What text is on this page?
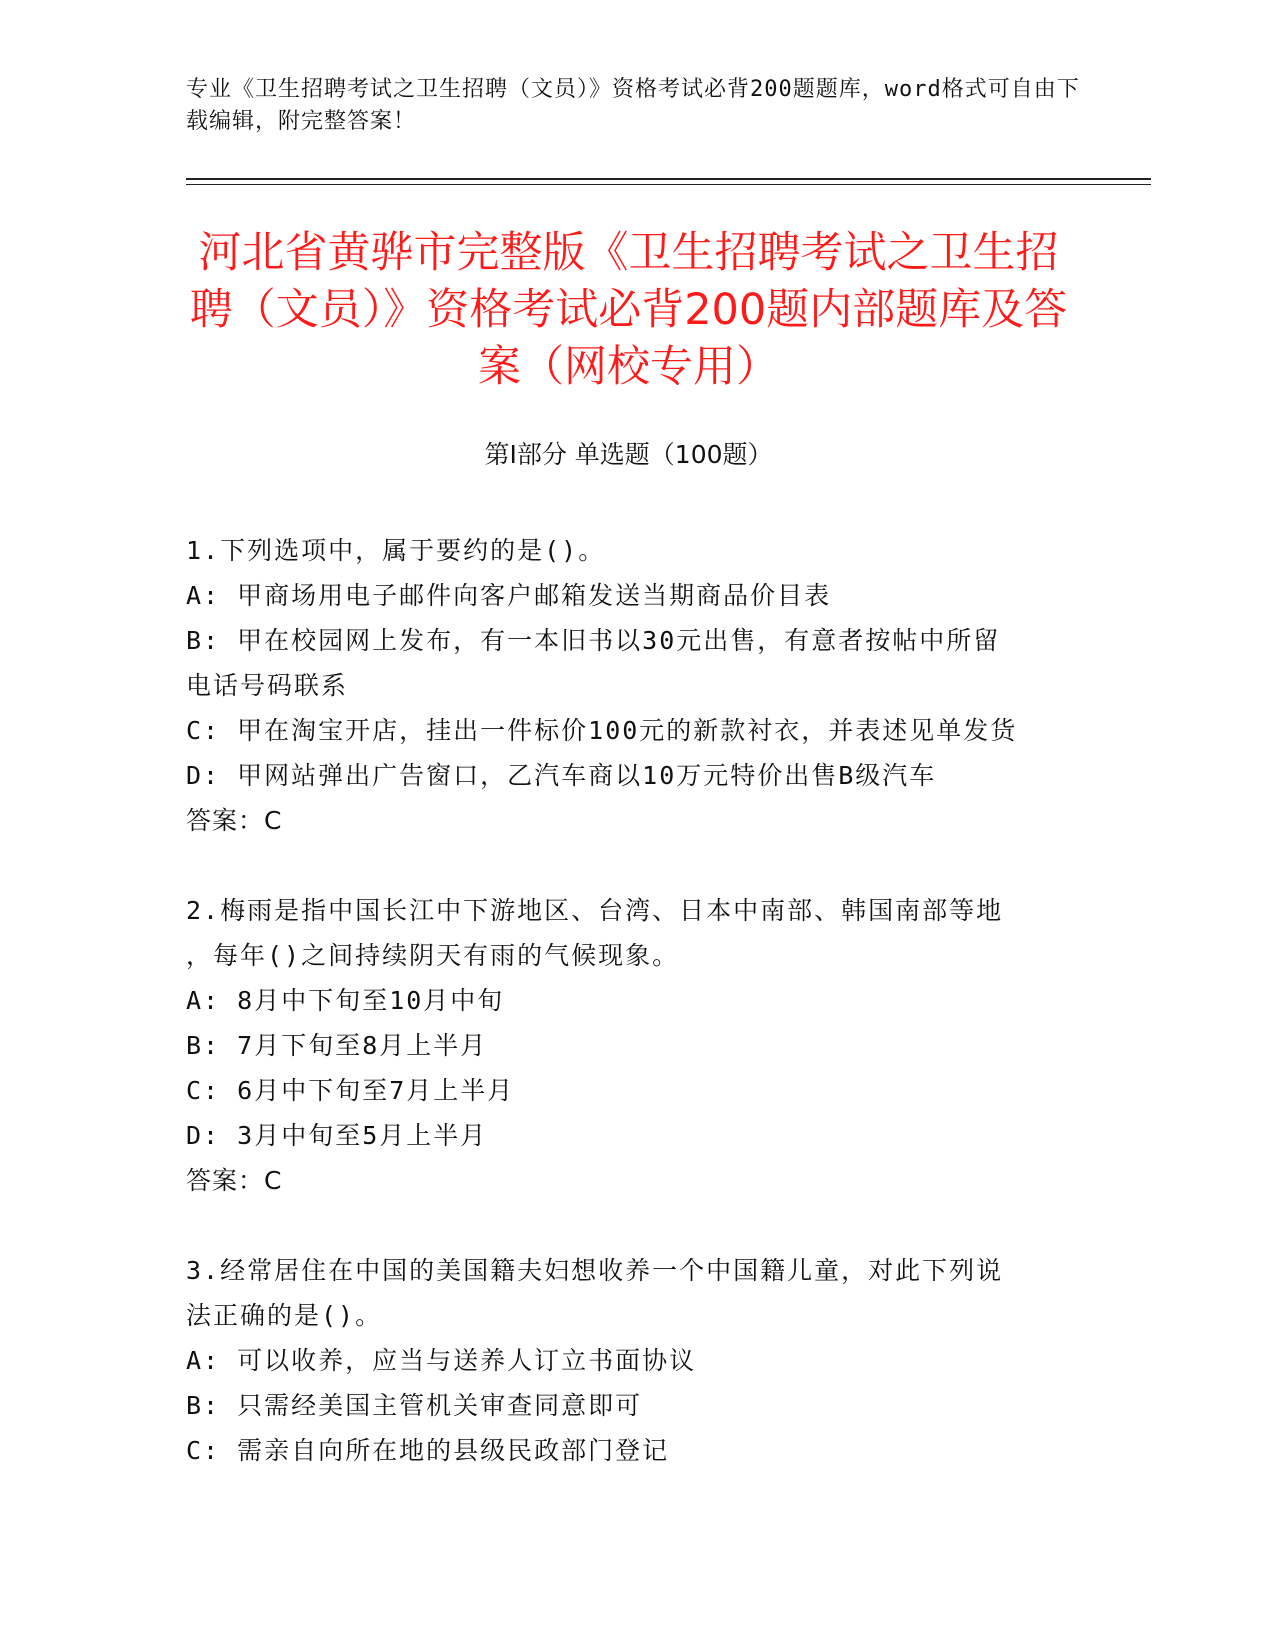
专业《卫生招聘考试之卫生招聘（文员）》资格考试必背200题题库，word格式可自由下载编辑，附完整答案！
河北省黄骅市完整版《卫生招聘考试之卫生招聘（文员）》资格考试必背200题内部题库及答案（网校专用）
第Ⅰ部分 单选题（100题）
1.下列选项中，属于要约的是()。
A: 甲商场用电子邮件向客户邮箱发送当期商品价目表
B: 甲在校园网上发布，有一本旧书以30元出售，有意者按帖中所留
电话号码联系
C: 甲在淘宝开店，挂出一件标价100元的新款衬衣，并表述见单发货
D: 甲网站弹出广告窗口，乙汽车商以10万元特价出售B级汽车
答案：C
2.梅雨是指中国长江中下游地区、台湾、日本中南部、韩国南部等地
，每年()之间持续阴天有雨的气候现象。
A: 8月中下旬至10月中旬
B: 7月下旬至8月上半月
C: 6月中下旬至7月上半月
D: 3月中旬至5月上半月
答案：C
3.经常居住在中国的美国籍夫妇想收养一个中国籍儿童，对此下列说
法正确的是()。
A: 可以收养，应当与送养人订立书面协议
B: 只需经美国主管机关审查同意即可
C: 需亲自向所在地的县级民政部门登记
